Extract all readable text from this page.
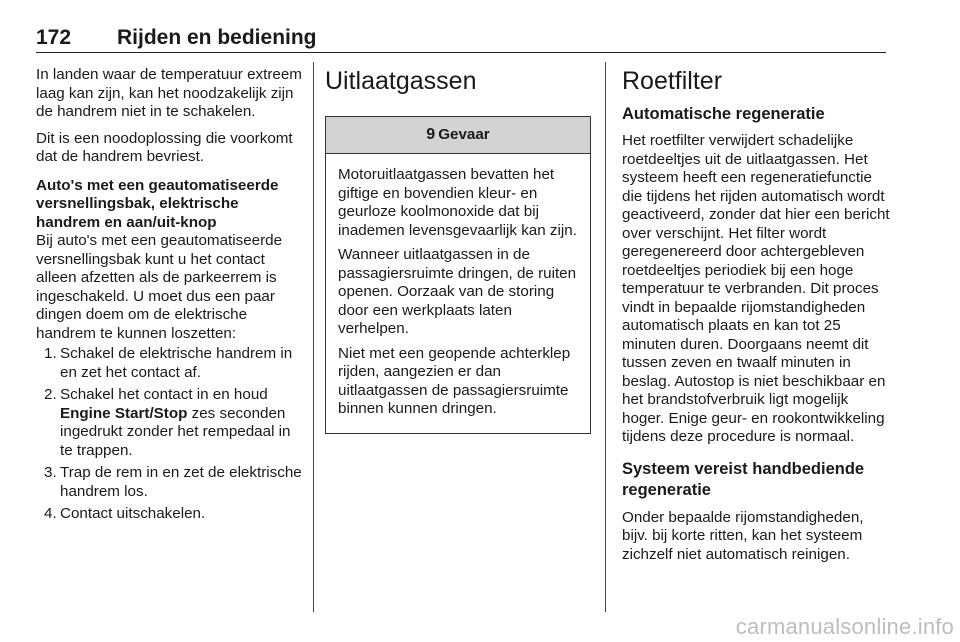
172 Rijden en bediening

In landen waar de temperatuur extreem laag kan zijn, kan het noodzakelijk zijn de handrem niet in te schakelen.

Dit is een noodoplossing die voorkomt dat de handrem bevriest.

Auto's met een geautomatiseerde versnellingsbak, elektrische handrem en aan/uit-knop

Bij auto's met een geautomatiseerde versnellingsbak kunt u het contact alleen afzetten als de parkeerrem is ingeschakeld. U moet dus een paar dingen doem om de elektrische handrem te kunnen loszetten:

1. Schakel de elektrische handrem in en zet het contact af.
2. Schakel het contact in en houd Engine Start/Stop zes seconden ingedrukt zonder het rempedaal in te trappen.
3. Trap de rem in en zet de elektrische handrem los.
4. Contact uitschakelen.
Uitlaatgassen
9 Gevaar

Motoruitlaatgassen bevatten het giftige en bovendien kleur- en geurloze koolmonoxide dat bij inademen levensgevaarlijk kan zijn.

Wanneer uitlaatgassen in de passagiersruimte dringen, de ruiten openen. Oorzaak van de storing door een werkplaats laten verhelpen.

Niet met een geopende achterklep rijden, aangezien er dan uitlaatgassen de passagiersruimte binnen kunnen dringen.

Roetfilter
Automatische regeneratie

Het roetfilter verwijdert schadelijke roetdeeltjes uit de uitlaatgassen. Het systeem heeft een regeneratiefunctie die tijdens het rijden automatisch wordt geactiveerd, zonder dat hier een bericht over verschijnt. Het filter wordt geregenereerd door achtergebleven roetdeeltjes periodiek bij een hoge temperatuur te verbranden. Dit proces vindt in bepaalde rijomstandigheden automatisch plaats en kan tot 25 minuten duren. Doorgaans neemt dit tussen zeven en twaalf minuten in beslag. Autostop is niet beschikbaar en het brandstofverbruik ligt mogelijk hoger. Enige geur- en rookontwikkeling tijdens deze procedure is normaal.

Systeem vereist handbediende regeneratie

Onder bepaalde rijomstandigheden, bijv. bij korte ritten, kan het systeem zichzelf niet automatisch reinigen.

carmanualsonline.info
